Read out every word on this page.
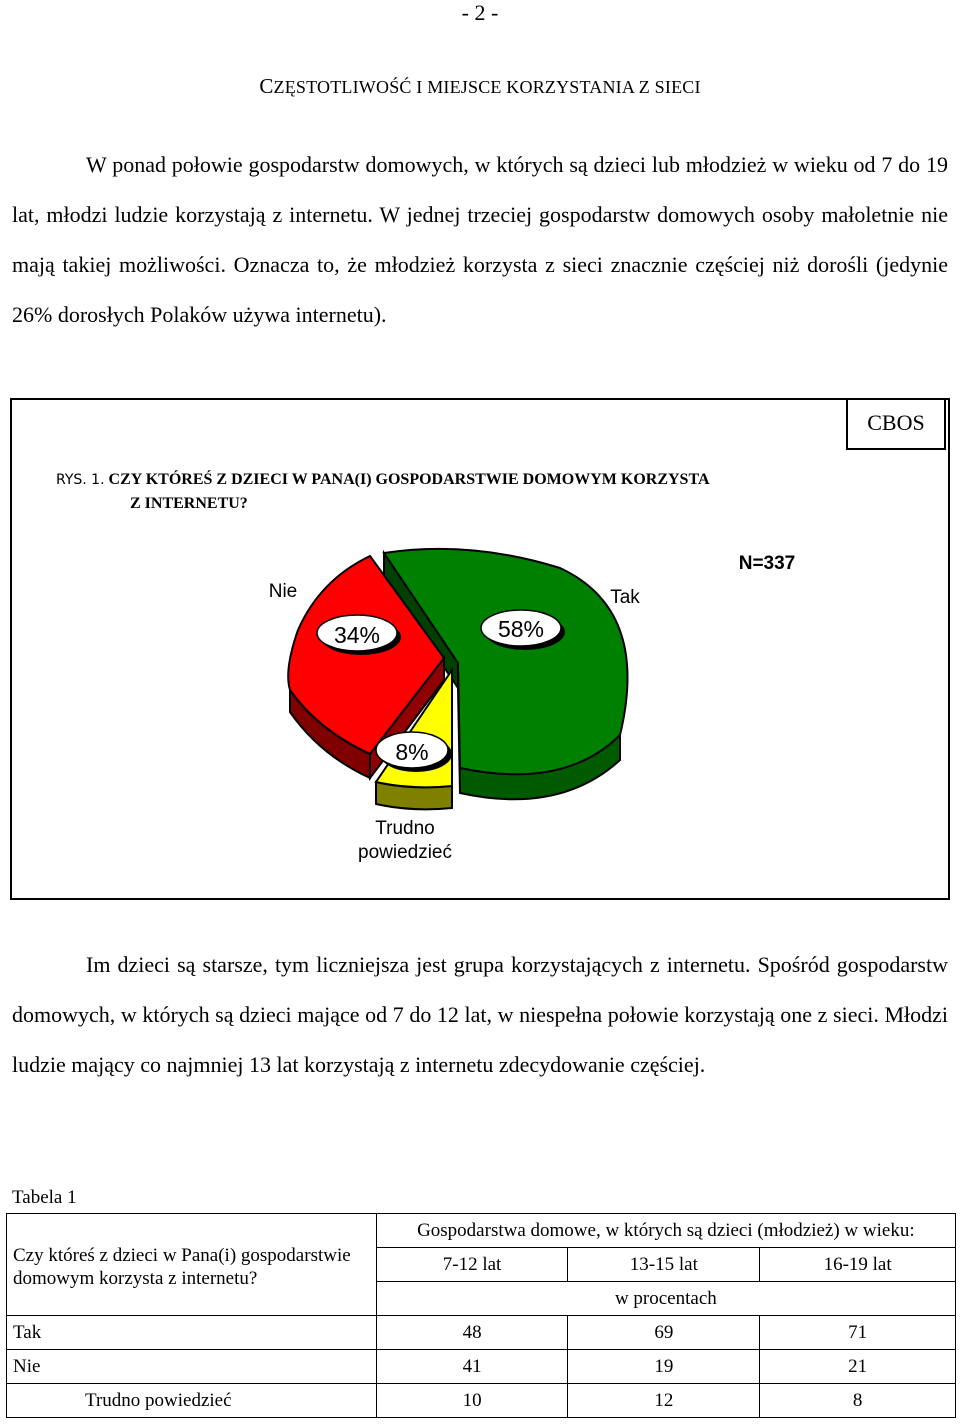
- 2 -
CZĘSTOTLIWOŚĆ I MIEJSCE KORZYSTANIA Z SIECI

W ponad połowie gospodarstw domowych, w których są dzieci lub młodzież w wieku od 7 do 19 lat, młodzi ludzie korzystają z internetu. W jednej trzeciej gospodarstw domowych osoby małoletnie nie mają takiej możliwości. Oznacza to, że młodzież korzysta z sieci znacznie częściej niż dorośli (jedynie 26% dorosłych Polaków używa internetu).

CBOS
RYS. 1. CZY KTÓREŚ Z DZIECI W PANA(I) GOSPODARSTWIE DOMOWYM KORZYSTA
Z INTERNETU?
34%	58%
8%
Nie	Tak
Trudno
powiedzieć
N=337

Im dzieci są starsze, tym liczniejsza jest grupa korzystających z internetu. Spośród gospodarstw domowych, w których są dzieci mające od 7 do 12 lat, w niespełna połowie korzystają one z sieci. Młodzi ludzie mający co najmniej 13 lat korzystają z internetu zdecydowanie częściej.

Tabela 1
Czy któreś z dzieci w Pana(i) gospodarstwie domowym korzysta z internetu?	Gospodarstwa domowe, w których są dzieci (młodzież) w wieku:		
	7-12 lat	13-15 lat	16-19 lat
	w procentach		
Tak	48	69	71
Nie	41	19	21
Trudno powiedzieć	10	12	8
